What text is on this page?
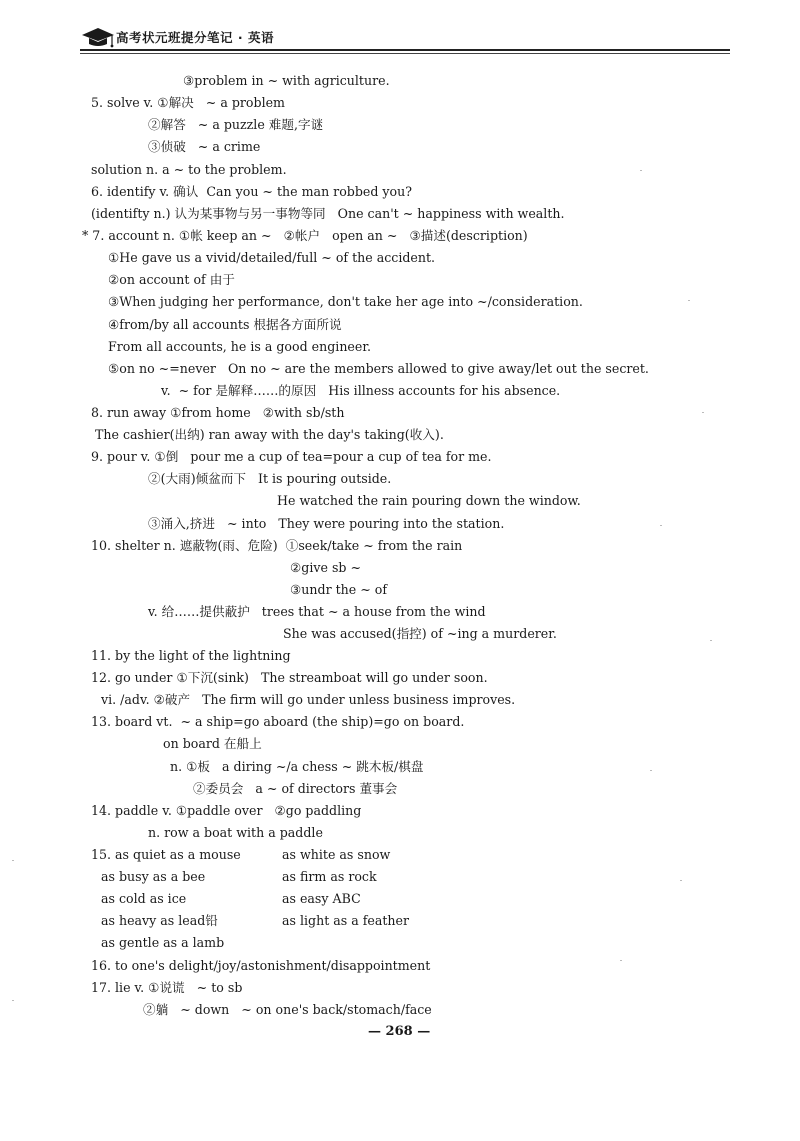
高考状元班提分笔记 · 英语
③problem in ~ with agriculture.
5. solve v. ①解决   ~ a problem
②解答   ~ a puzzle 难题,字谜
③侦破   ~ a crime
solution n. a ~ to the problem.
6. identify v. 确认  Can you ~ the man robbed you?
(identifty n.) 认为某事物与另一事物等同   One can't ~ happiness with wealth.
* 7. account n. ①帐 keep an ~   ②帐户   open an ~   ③描述(description)
①He gave us a vivid/detailed/full ~ of the accident.
②on account of 由于
③When judging her performance, don't take her age into ~/consideration.
④from/by all accounts 根据各方面所说
From all accounts, he is a good engineer.
⑤on no ~=never   On no ~ are the members allowed to give away/let out the secret.
v.  ~ for 是解释……的原因   His illness accounts for his absence.
8. run away ①from home   ②with sb/sth
The cashier(出纳) ran away with the day's taking(收入).
9. pour v. ①倒   pour me a cup of tea=pour a cup of tea for me.
②(大雨)倾盆而下   It is pouring outside.
He watched the rain pouring down the window.
③涌入,挤进   ~ into   They were pouring into the station.
10. shelter n. 遮蔽物(雨、危险)  ①seek/take ~ from the rain
②give sb ~
③undr the ~ of
v. 给……提供蔽护   trees that ~ a house from the wind
She was accused(指控) of ~ing a murderer.
11. by the light of the lightning
12. go under ①下沉(sink)   The streamboat will go under soon.
vi. /adv. ②破产   The firm will go under unless business improves.
13. board vt.  ~ a ship=go aboard (the ship)=go on board.
on board 在船上
n. ①板   a diring ~/a chess ~ 跳木板/棋盘
②委员会   a ~ of directors 董事会
14. paddle v. ①paddle over   ②go paddling
n. row a boat with a paddle
15. as quiet as a mouse	as white as snow
as busy as a bee	as firm as rock
as cold as ice	as easy ABC
as heavy as lead铅	as light as a feather
as gentle as a lamb
16. to one's delight/joy/astonishment/disappointment
17. lie v. ①说谎   ~ to sb
②躺   ~ down   ~ on one's back/stomach/face
— 268 —
